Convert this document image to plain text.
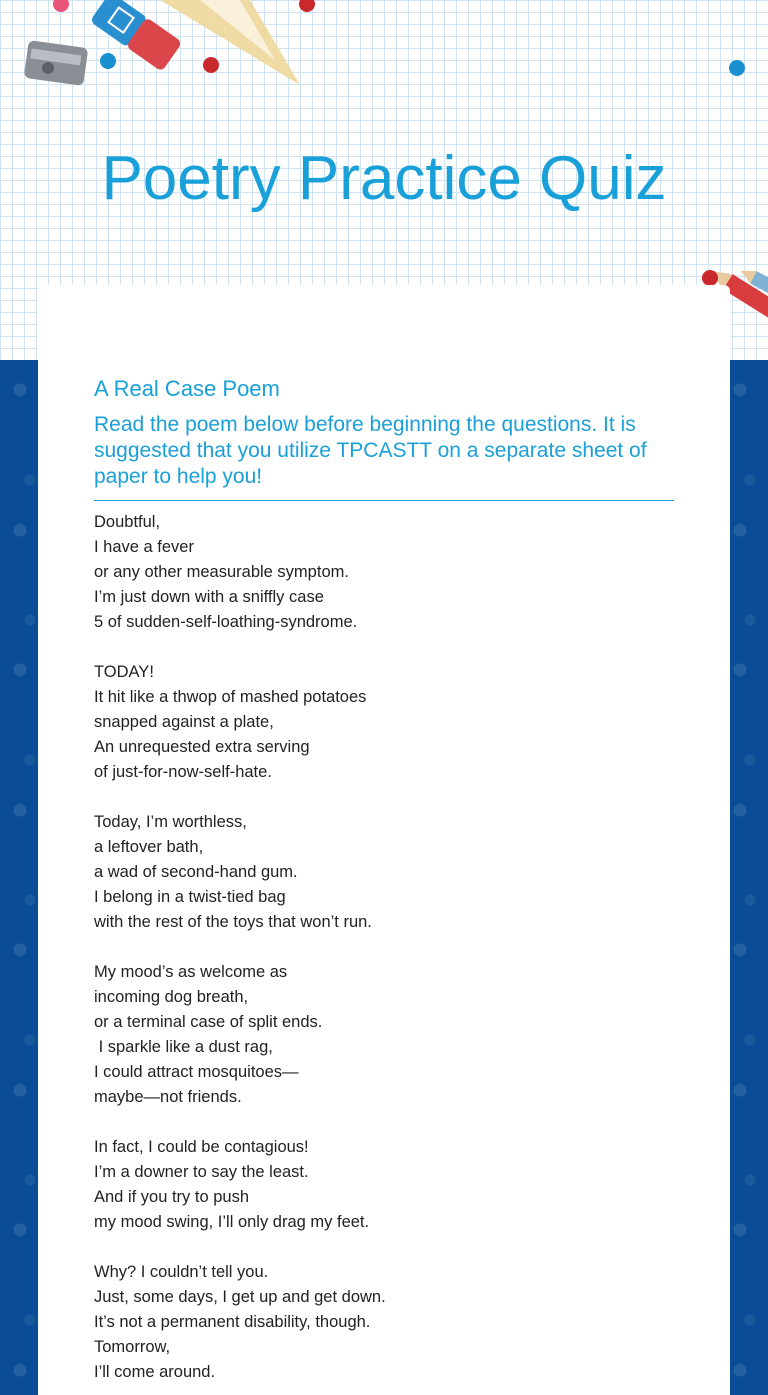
Poetry Practice Quiz
A Real Case Poem

Read the poem below before beginning the questions. It is suggested that you utilize TPCASTT on a separate sheet of paper to help you!

Doubtful,
I have a fever
or any other measurable symptom.
I’m just down with a sniffly case
5 of sudden-self-loathing-syndrome.
TODAY!
It hit like a thwop of mashed potatoes
snapped against a plate,
An unrequested extra serving
of just-for-now-self-hate.
Today, I’m worthless,
a leftover bath,
a wad of second-hand gum.
I belong in a twist-tied bag
with the rest of the toys that won’t run.
My mood’s as welcome as
incoming dog breath,
or a terminal case of split ends.
I sparkle like a dust rag,
I could attract mosquitoes—
maybe—not friends.
In fact, I could be contagious!
I’m a downer to say the least.
And if you try to push
my mood swing, I’ll only drag my feet.
Why? I couldn’t tell you.
Just, some days, I get up and get down.
It’s not a permanent disability, though.
Tomorrow,
I’ll come around.
